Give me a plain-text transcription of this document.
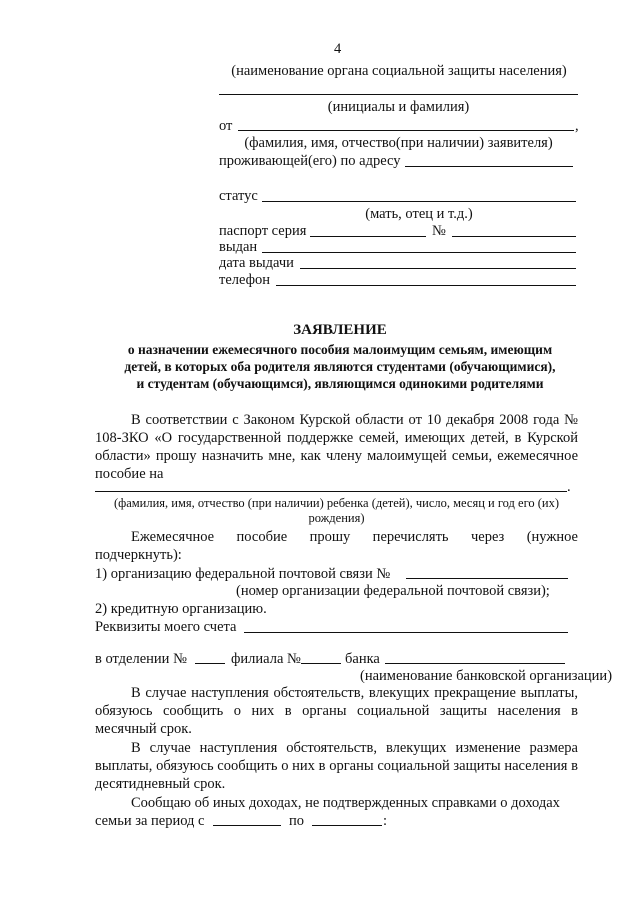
4
(наименование органа социальной защиты населения)
(инициалы и фамилия)
от	,
(фамилия, имя, отчество(при наличии) заявителя)
проживающей(его) по адресу
статус
(мать, отец и т.д.)
паспорт серия	№
выдан
дата выдачи
телефон
ЗАЯВЛЕНИЕ
о назначении ежемесячного пособия малоимущим семьям, имеющим
детей, в которых оба родителя являются студентами (обучающимися),
и студентам (обучающимся), являющимся одинокими родителями
В соответствии с Законом Курской области от 10 декабря 2008 года № 108-ЗКО «О государственной поддержке семей, имеющих детей, в Курской области» прошу назначить мне, как члену малоимущей семьи, ежемесячное пособие на
.
(фамилия, имя, отчество (при наличии) ребенка (детей), число, месяц и год его (их)
рождения)
Ежемесячное пособие прошу перечислять через (нужное
подчеркнуть):
1) организацию федеральной почтовой связи №
(номер организации федеральной почтовой связи);
2) кредитную организацию.
Реквизиты моего счета
в отделении №	филиала №	банка
(наименование банковской организации)
В случае наступления обстоятельств, влекущих прекращение выплаты, обязуюсь сообщить о них в органы социальной защиты населения в месячный срок.
В случае наступления обстоятельств, влекущих изменение размера выплаты, обязуюсь сообщить о них в органы социальной защиты населения в десятидневный срок.
Сообщаю об иных доходах, не подтвержденных справками о доходах
семьи за период с	по	:
